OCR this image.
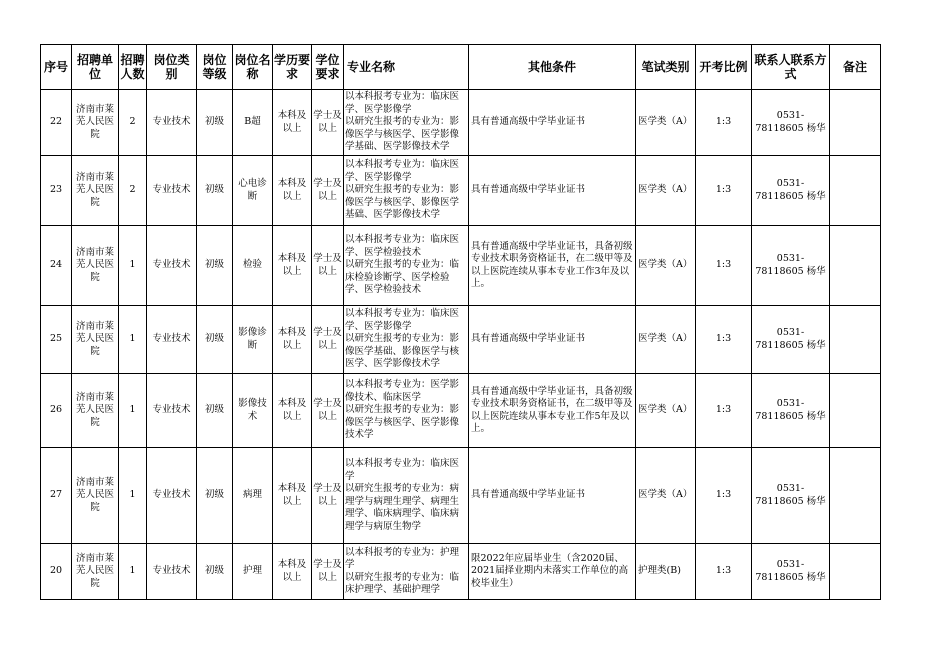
序号	招聘单位	招聘人数	岗位类别	岗位等级	岗位名称	学历要求	学位要求	专业名称	其他条件	笔试类别	开考比例	联系人联系方式	备注
22	济南市莱芜人民医院	2	专业技术	初级	B超	本科及以上	学士及以上	以本科报考专业为：临床医学、医学影像学
以研究生报考的专业为：影像医学与核医学、医学影像学基础、医学影像技术学	具有普通高级中学毕业证书	医学类（A）	1:3	0531-78118605 杨华	
23	济南市莱芜人民医院	2	专业技术	初级	心电诊断	本科及以上	学士及以上	以本科报考专业为：临床医学、医学影像学
以研究生报考的专业为：影像医学与核医学、影像医学基础、医学影像技术学	具有普通高级中学毕业证书	医学类（A）	1:3	0531-78118605 杨华	
24	济南市莱芜人民医院	1	专业技术	初级	检验	本科及以上	学士及以上	以本科报考专业为：临床医学、医学检验技术
以研究生报考的专业为：临床检验诊断学、医学检验学、医学检验技术	具有普通高级中学毕业证书，具备初级专业技术职务资格证书，在二级甲等及以上医院连续从事本专业工作3年及以上。	医学类（A）	1:3	0531-78118605 杨华	
25	济南市莱芜人民医院	1	专业技术	初级	影像诊断	本科及以上	学士及以上	以本科报考专业为：临床医学、医学影像学
以研究生报考的专业为：影像医学基础、影像医学与核医学、医学影像技术学	具有普通高级中学毕业证书	医学类（A）	1:3	0531-78118605 杨华	
26	济南市莱芜人民医院	1	专业技术	初级	影像技术	本科及以上	学士及以上	以本科报考专业为：医学影像技术、临床医学
以研究生报考的专业为：影像医学与核医学、医学影像技术学	具有普通高级中学毕业证书，具备初级专业技术职务资格证书，在二级甲等及以上医院连续从事本专业工作5年及以上。	医学类（A）	1:3	0531-78118605 杨华	
27	济南市莱芜人民医院	1	专业技术	初级	病理	本科及以上	学士及以上	以本科报考专业为：临床医学
以研究生报考的专业为：病理学与病理生理学、病理生理学、临床病理学、临床病理学与病原生物学	具有普通高级中学毕业证书	医学类（A）	1:3	0531-78118605 杨华	
20	济南市莱芜人民医院	1	专业技术	初级	护理	本科及以上	学士及以上	以本科报考的专业为：护理学
以研究生报考的专业为：临床护理学、基础护理学	限2022年应届毕业生（含2020届、2021届择业期内未落实工作单位的高校毕业生）	护理类(B)	1:3	0531-78118605 杨华	
